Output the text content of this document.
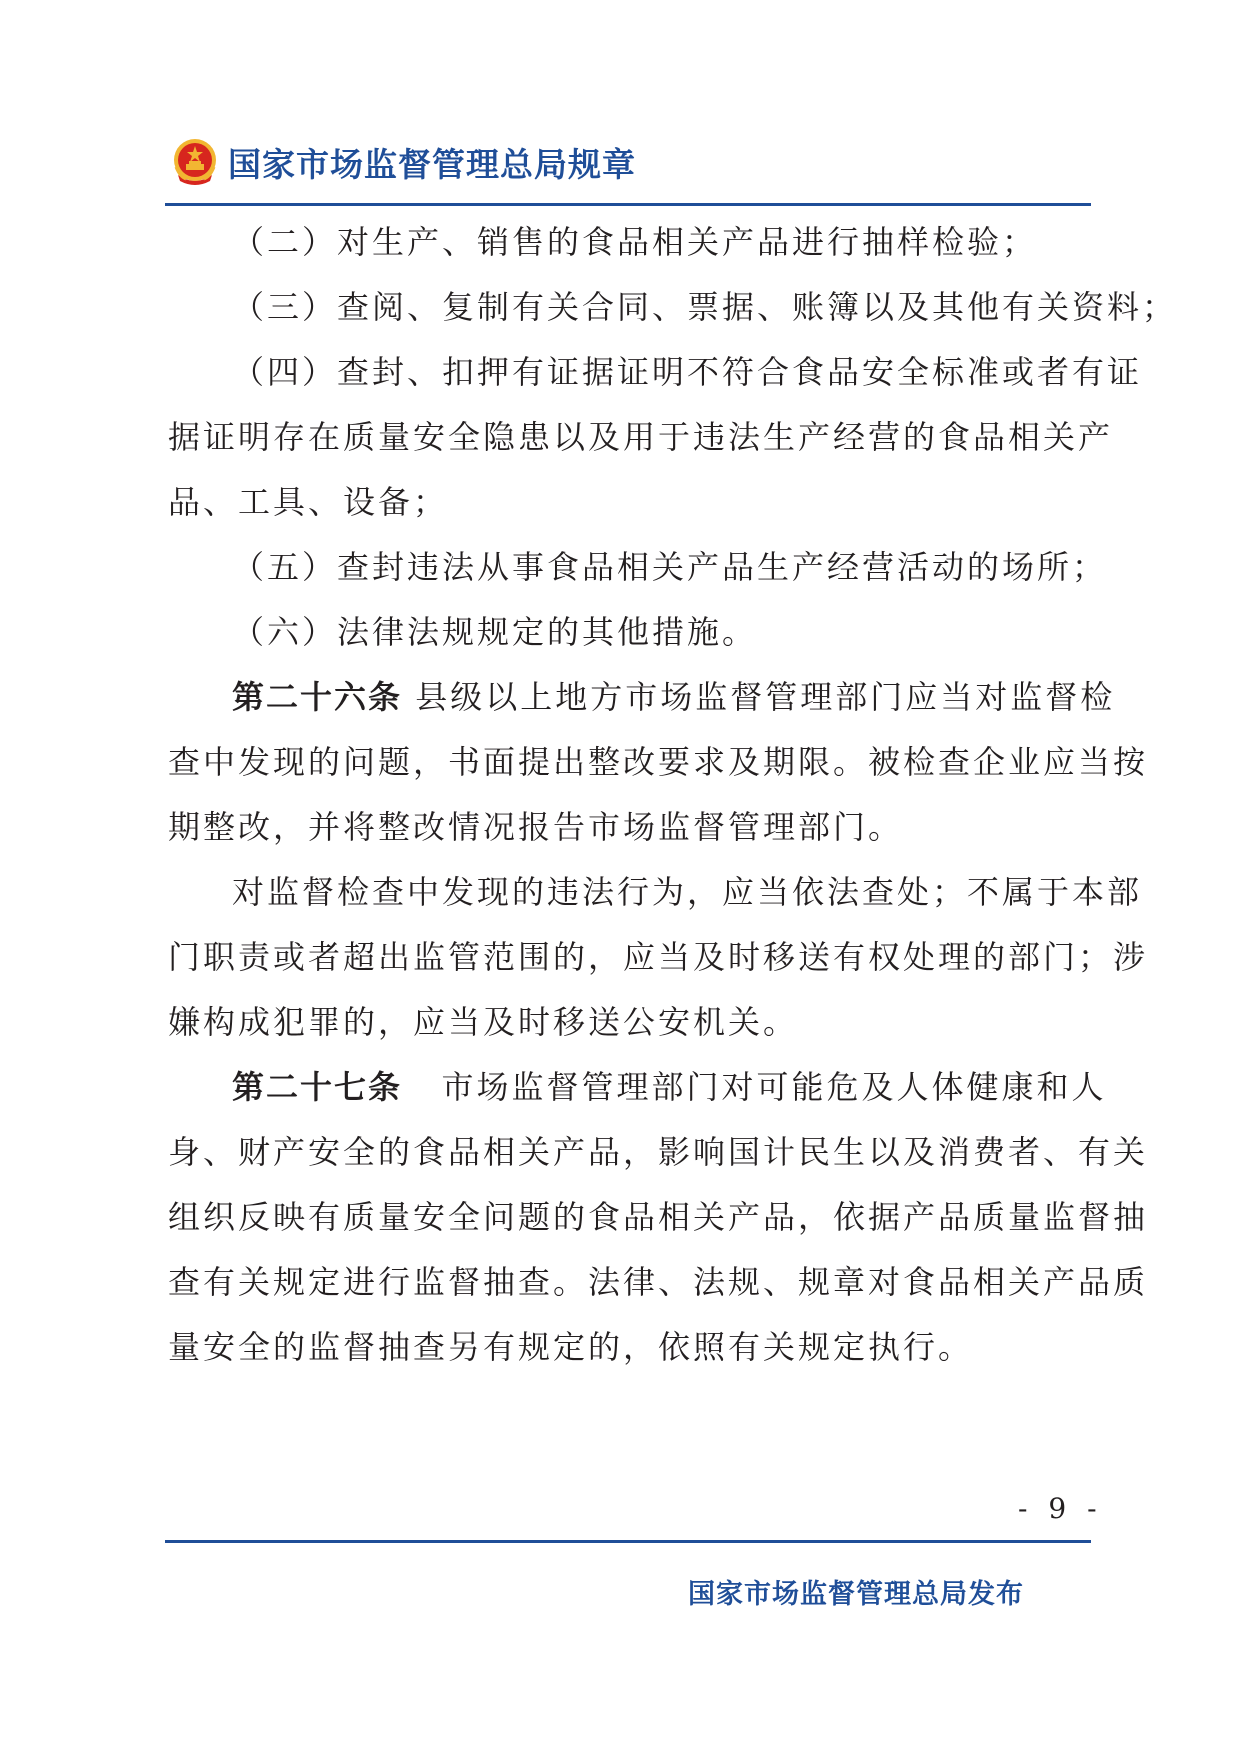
国家市场监督管理总局规章
（二）对生产、销售的食品相关产品进行抽样检验；
（三）查阅、复制有关合同、票据、账簿以及其他有关资料；
（四）查封、扣押有证据证明不符合食品安全标准或者有证
据证明存在质量安全隐患以及用于违法生产经营的食品相关产
品、工具、设备；
（五）查封违法从事食品相关产品生产经营活动的场所；
（六）法律法规规定的其他措施。
第二十六条 县级以上地方市场监督管理部门应当对监督检
查中发现的问题，书面提出整改要求及期限。被检查企业应当按
期整改，并将整改情况报告市场监督管理部门。
对监督检查中发现的违法行为，应当依法查处；不属于本部
门职责或者超出监管范围的，应当及时移送有权处理的部门；涉
嫌构成犯罪的，应当及时移送公安机关。
第二十七条 市场监督管理部门对可能危及人体健康和人
身、财产安全的食品相关产品，影响国计民生以及消费者、有关
组织反映有质量安全问题的食品相关产品，依据产品质量监督抽
查有关规定进行监督抽查。法律、法规、规章对食品相关产品质
量安全的监督抽查另有规定的，依照有关规定执行。
- 9 -
国家市场监督管理总局发布
